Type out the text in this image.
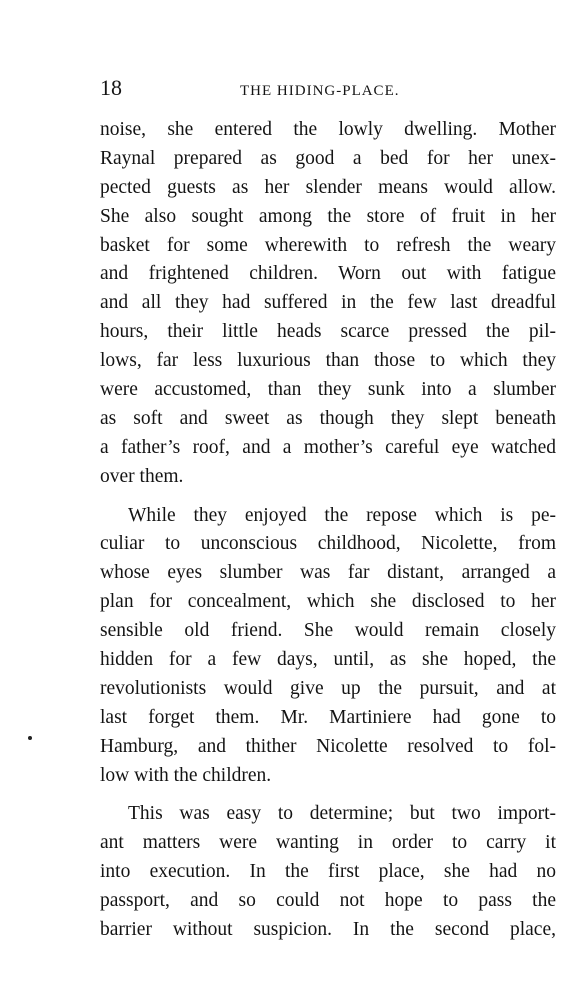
18	THE HIDING-PLACE.
noise, she entered the lowly dwelling. Mother
Raynal prepared as good a bed for her unex-
pected guests as her slender means would allow.
She also sought among the store of fruit in her
basket for some wherewith to refresh the weary
and frightened children. Worn out with fatigue
and all they had suffered in the few last dreadful
hours, their little heads scarce pressed the pil-
lows, far less luxurious than those to which they
were accustomed, than they sunk into a slumber
as soft and sweet as though they slept beneath
a father’s roof, and a mother’s careful eye watched
over them.
While they enjoyed the repose which is pe-
culiar to unconscious childhood, Nicolette, from
whose eyes slumber was far distant, arranged a
plan for concealment, which she disclosed to her
sensible old friend. She would remain closely
hidden for a few days, until, as she hoped, the
revolutionists would give up the pursuit, and at
last forget them. Mr. Martiniere had gone to
Hamburg, and thither Nicolette resolved to fol-
low with the children.
This was easy to determine; but two import-
ant matters were wanting in order to carry it
into execution. In the first place, she had no
passport, and so could not hope to pass the
barrier without suspicion. In the second place,
